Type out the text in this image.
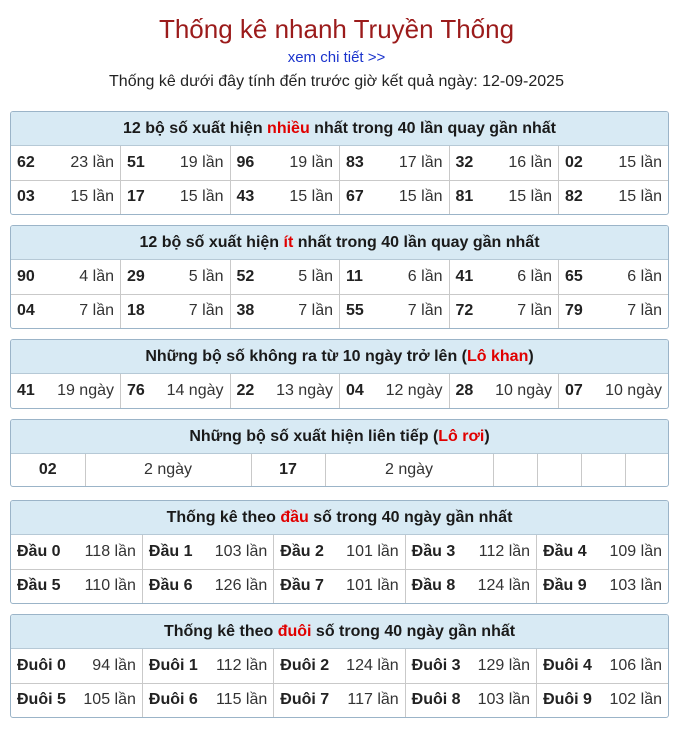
Thống kê nhanh Truyền Thống
xem chi tiết >>
Thống kê dưới đây tính đến trước giờ kết quả ngày: 12-09-2025
12 bộ số xuất hiện nhiều nhất trong 40 lần quay gần nhất
62 23 lần	51 19 lần	96 19 lần	83 17 lần	32 16 lần	02 15 lần

03 15 lần	17 15 lần	43 15 lần	67 15 lần	81 15 lần	82 15 lần
12 bộ số xuất hiện ít nhất trong 40 lần quay gần nhất
90 4 lần	29 5 lần	52 5 lần	11 6 lần	41 6 lần	65 6 lần

04 7 lần	18 7 lần	38 7 lần	55 7 lần	72 7 lần	79 7 lần
Những bộ số không ra từ 10 ngày trở lên (Lô khan)
41 19 ngày	76 14 ngày	22 13 ngày	04 12 ngày	28 10 ngày	07 10 ngày
Những bộ số xuất hiện liên tiếp (Lô rơi)
02	2 ngày	17	2 ngày				
Thống kê theo đầu số trong 40 ngày gần nhất
Đầu 0 118 lần	Đầu 1 103 lần	Đầu 2 101 lần	Đầu 3 112 lần	Đầu 4 109 lần

Đầu 5 110 lần	Đầu 6 126 lần	Đầu 7 101 lần	Đầu 8 124 lần	Đầu 9 103 lần
Thống kê theo đuôi số trong 40 ngày gần nhất
Đuôi 0 94 lần	Đuôi 1 112 lần	Đuôi 2 124 lần	Đuôi 3 129 lần	Đuôi 4 106 lần

Đuôi 5 105 lần	Đuôi 6 115 lần	Đuôi 7 117 lần	Đuôi 8 103 lần	Đuôi 9 102 lần
